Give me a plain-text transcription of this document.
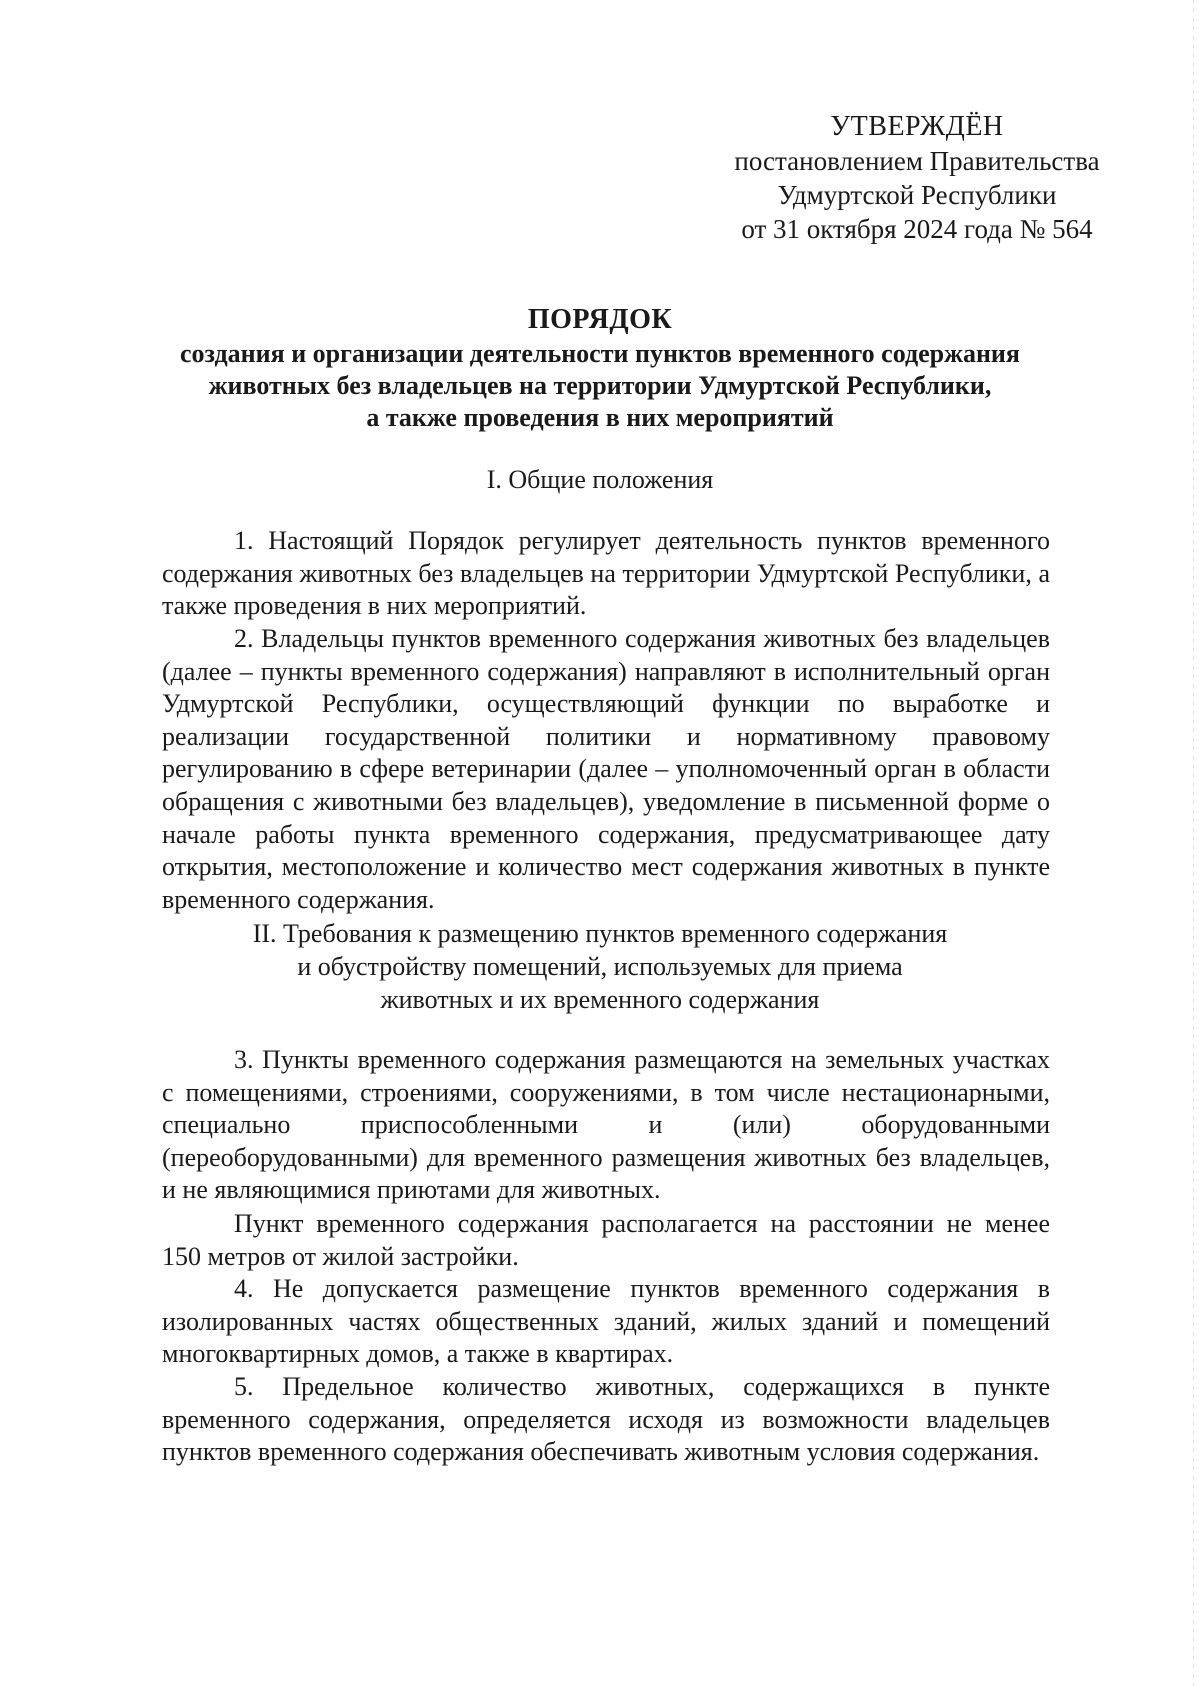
УТВЕРЖДЁН
постановлением Правительства
Удмуртской Республики
от 31 октября 2024 года № 564
ПОРЯДОК
создания и организации деятельности пунктов временного содержания
животных без владельцев на территории Удмуртской Республики,
а также проведения в них мероприятий
I. Общие положения
1. Настоящий Порядок регулирует деятельность пунктов временного содержания животных без владельцев на территории Удмуртской Республики, а также проведения в них мероприятий.
2. Владельцы пунктов временного содержания животных без владельцев (далее – пункты временного содержания) направляют в исполнительный орган Удмуртской Республики, осуществляющий функции по выработке и реализации государственной политики и нормативному правовому регулированию в сфере ветеринарии (далее – уполномоченный орган в области обращения с животными без владельцев), уведомление в письменной форме о начале работы пункта временного содержания, предусматривающее дату открытия, местоположение и количество мест содержания животных в пункте временного содержания.
II. Требования к размещению пунктов временного содержания
и обустройству помещений, используемых для приема
животных и их временного содержания
3. Пункты временного содержания размещаются на земельных участках с помещениями, строениями, сооружениями, в том числе нестационарными, специально приспособленными и (или) оборудованными (переоборудованными) для временного размещения животных без владельцев, и не являющимися приютами для животных.
Пункт временного содержания располагается на расстоянии не менее 150 метров от жилой застройки.
4. Не допускается размещение пунктов временного содержания в изолированных частях общественных зданий, жилых зданий и помещений многоквартирных домов, а также в квартирах.
5. Предельное количество животных, содержащихся в пункте временного содержания, определяется исходя из возможности владельцев пунктов временного содержания обеспечивать животным условия содержания.
